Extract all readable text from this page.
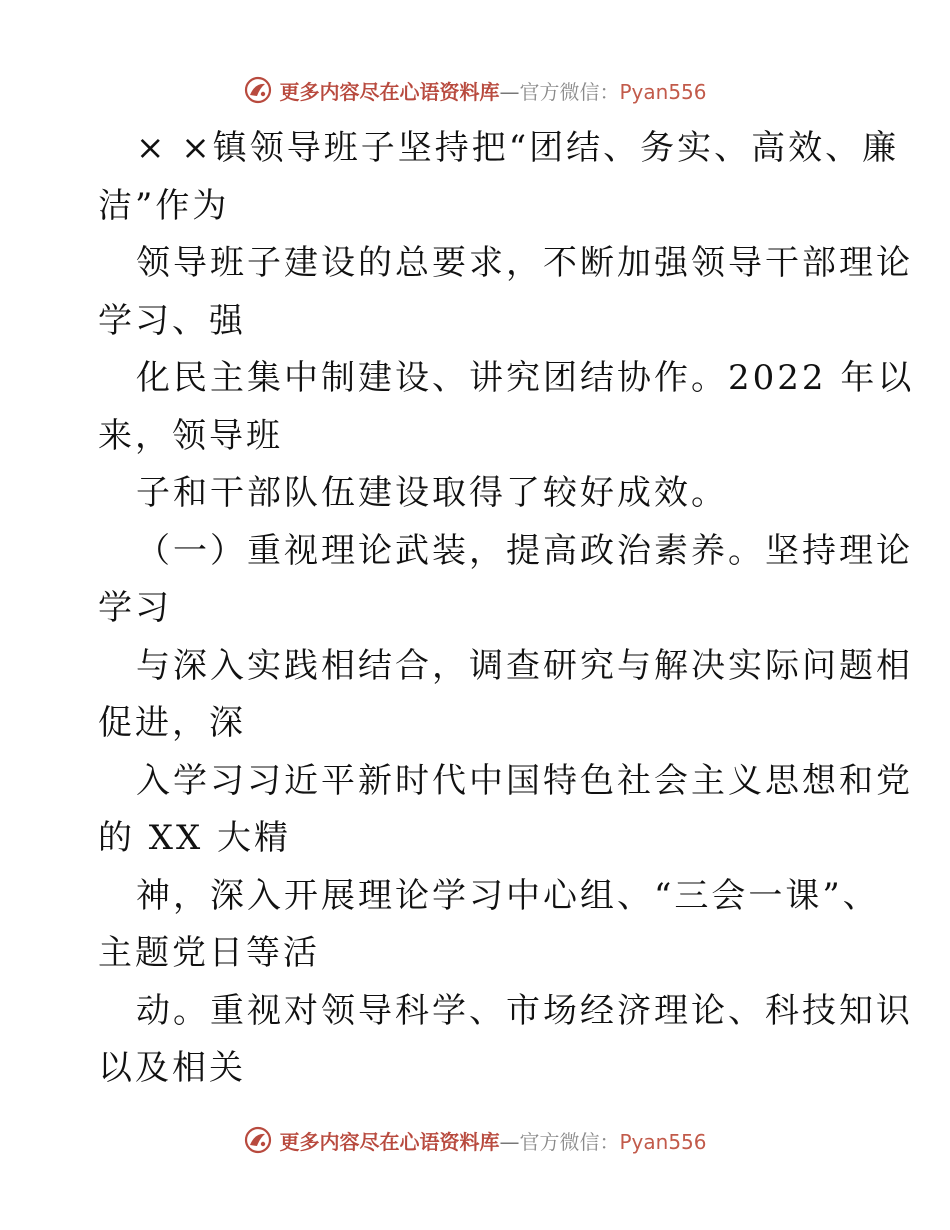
更多内容尽在心语资料库—官方微信：Pyan556
× ×镇领导班子坚持把“团结、务实、高效、廉
洁”作为
领导班子建设的总要求，不断加强领导干部理论
学习、强
化民主集中制建设、讲究团结协作。2022 年以
来，领导班
子和干部队伍建设取得了较好成效。
（一）重视理论武装，提高政治素养。坚持理论
学习
与深入实践相结合，调查研究与解决实际问题相
促进，深
入学习习近平新时代中国特色社会主义思想和党
的 XX 大精
神，深入开展理论学习中心组、“三会一课”、
主题党日等活
动。重视对领导科学、市场经济理论、科技知识
以及相关
更多内容尽在心语资料库—官方微信：Pyan556
